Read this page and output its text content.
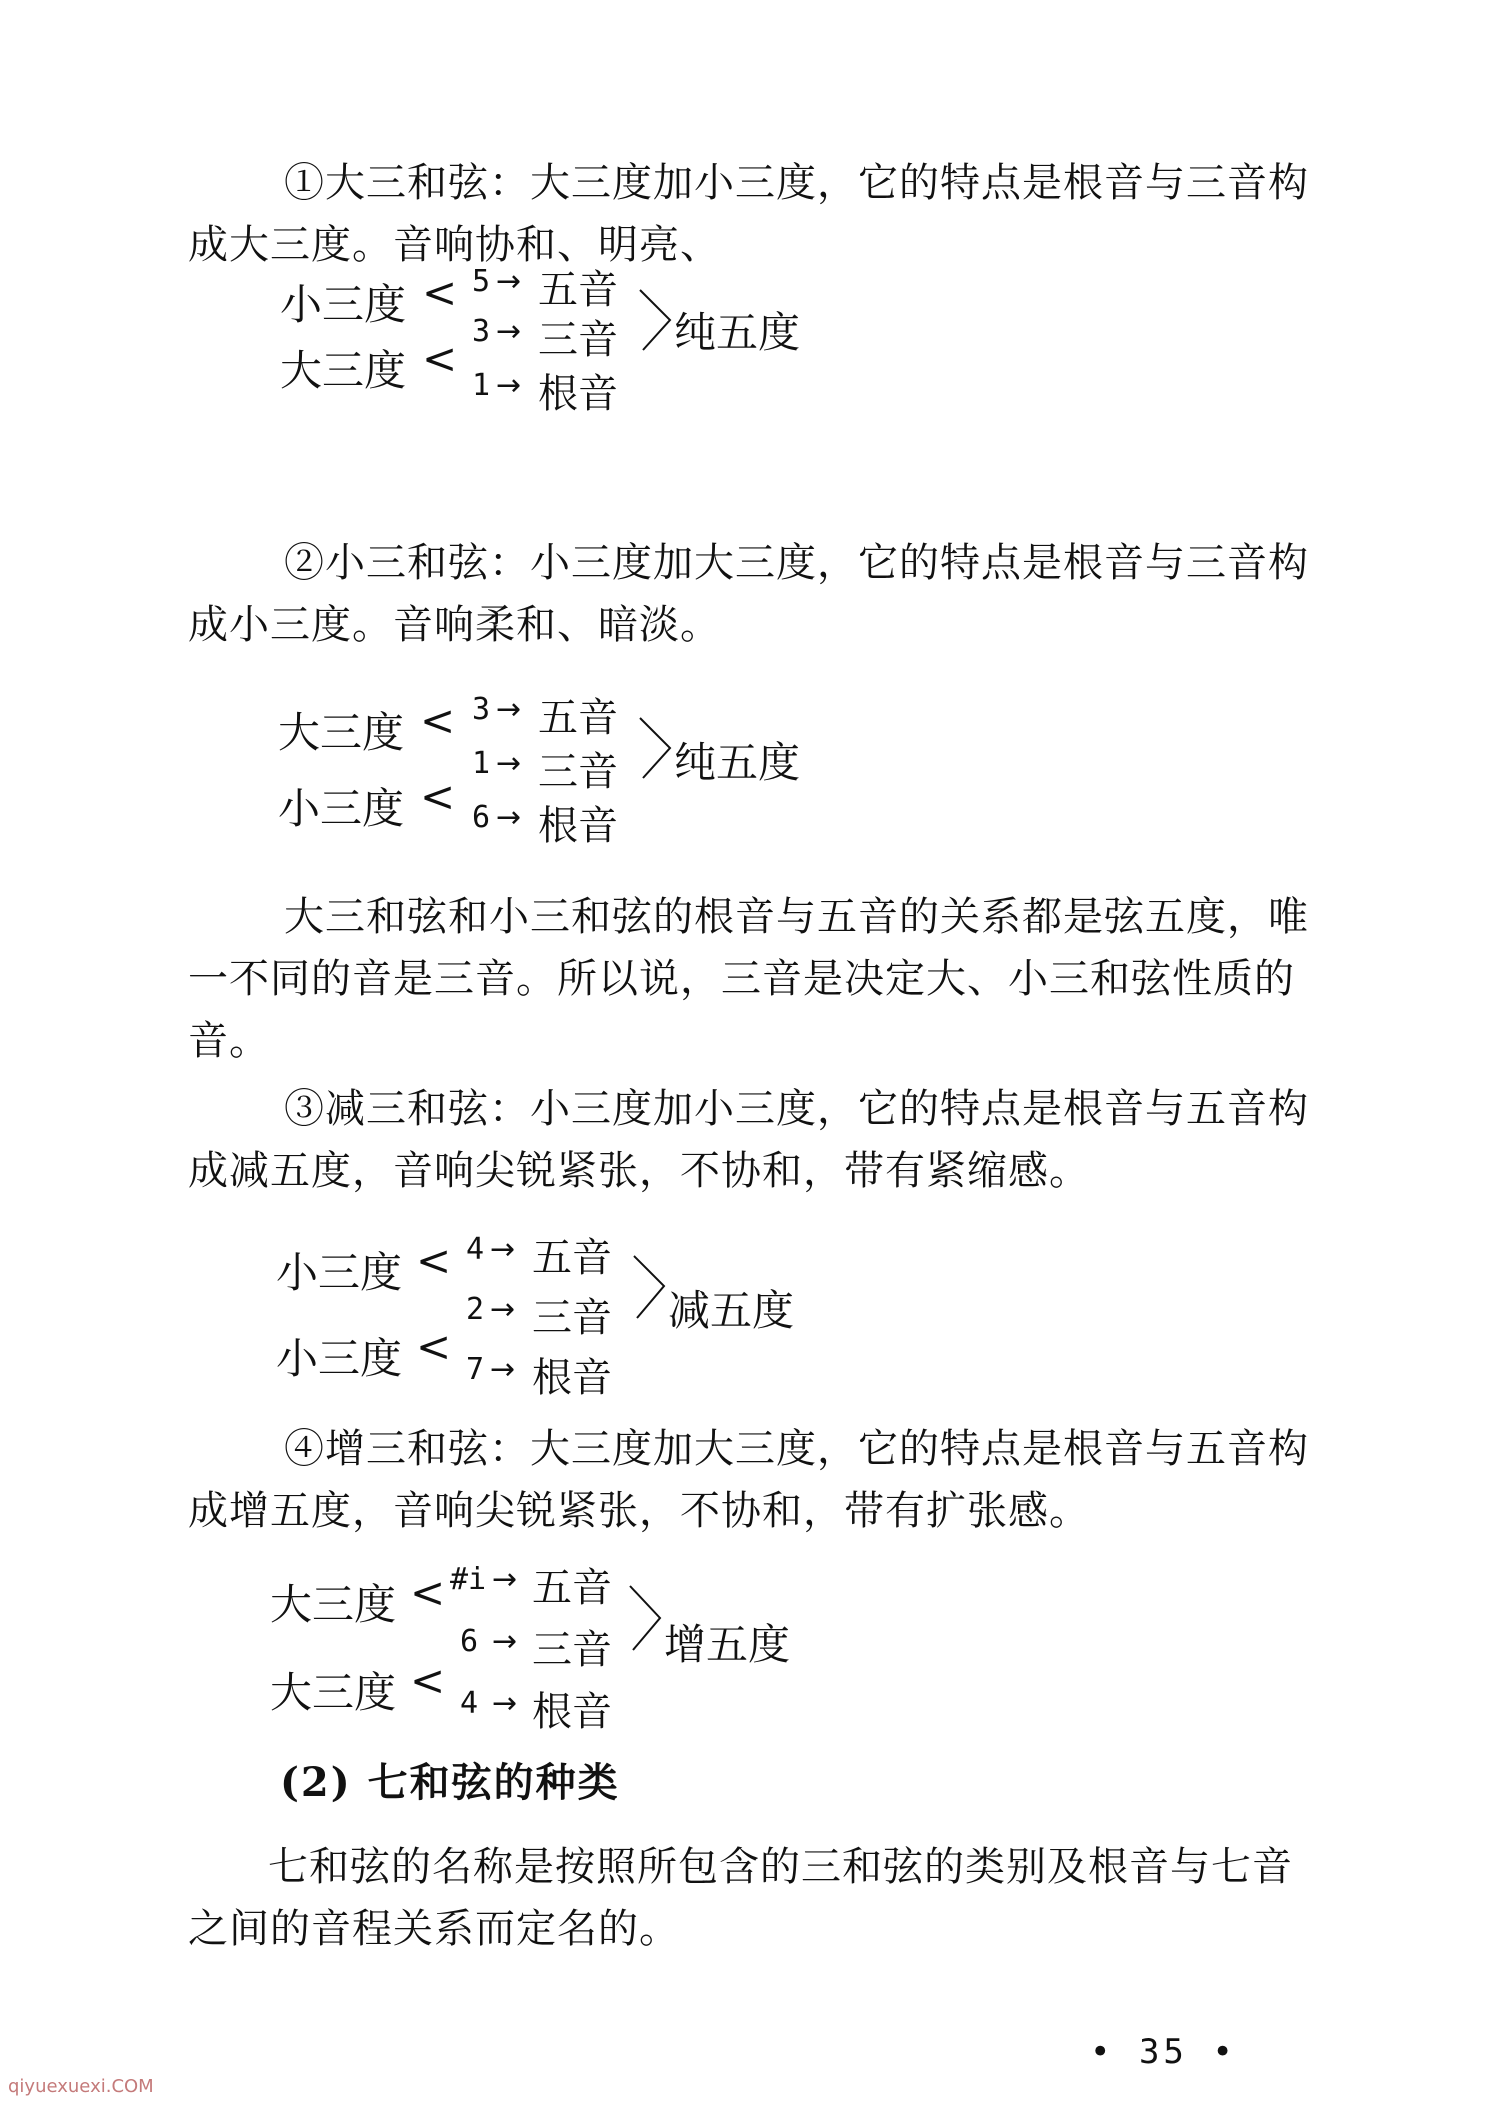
①大三和弦：大三度加小三度，它的特点是根音与三音构成大三度。音响协和、明亮、

小三度 <
大三度 <
5 → 五音
3 → 三音
1 → 根音
纯五度

②小三和弦：小三度加大三度，它的特点是根音与三音构成小三度。音响柔和、暗淡。

大三度 <
小三度 <
3 → 五音
1 → 三音
6 → 根音
纯五度

大三和弦和小三和弦的根音与五音的关系都是弦五度，唯一不同的音是三音。所以说，三音是决定大、小三和弦性质的音。

③减三和弦：小三度加小三度，它的特点是根音与五音构成减五度，音响尖锐紧张，不协和，带有紧缩感。

小三度 <
小三度 <
4 → 五音
2 → 三音
7 → 根音
减五度

④增三和弦：大三度加大三度，它的特点是根音与五音构成增五度，音响尖锐紧张，不协和，带有扩张感。

大三度 <
大三度 <
#i → 五音
6 → 三音
4 → 根音
增五度
(2) 七和弦的种类

七和弦的名称是按照所包含的三和弦的类别及根音与七音之间的音程关系而定名的。

• 35 •
qiyuexuexi.COM
